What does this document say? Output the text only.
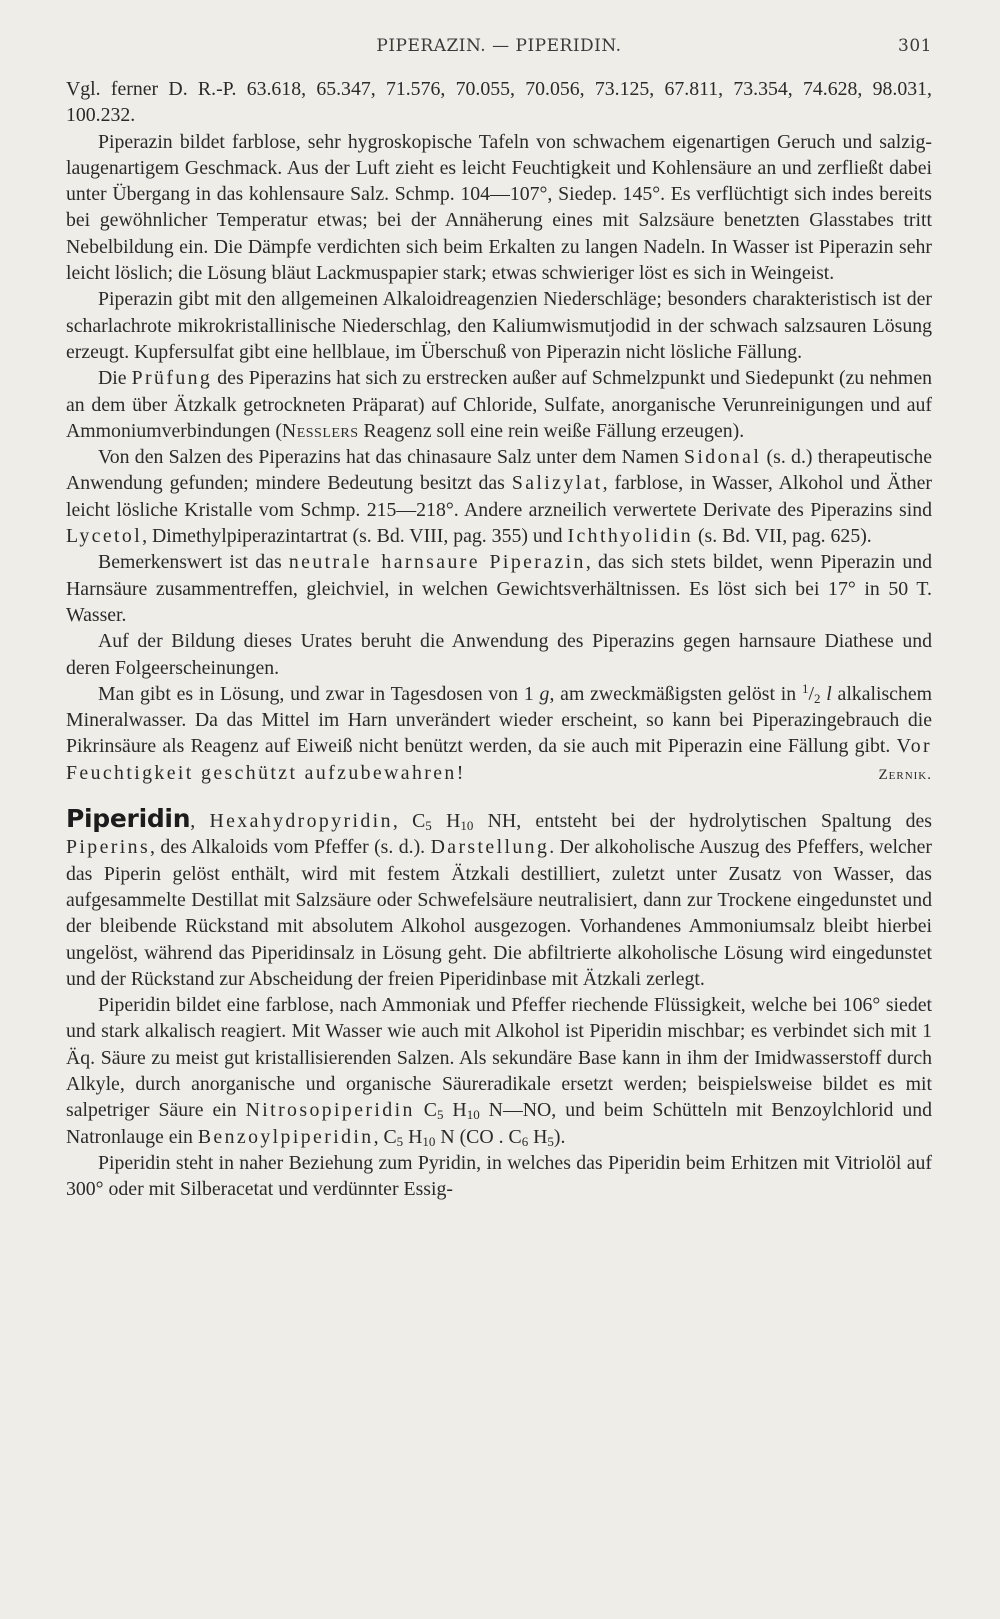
PIPERAZIN. — PIPERIDIN.	301

Vgl. ferner D. R.-P. 63.618, 65.347, 71.576, 70.055, 70.056, 73.125, 67.811, 73.354, 74.628, 98.031, 100.232.

Piperazin bildet farblose, sehr hygroskopische Tafeln von schwachem eigenartigen Geruch und salzig-laugenartigem Geschmack. Aus der Luft zieht es leicht Feuchtigkeit und Kohlensäure an und zerfließt dabei unter Übergang in das kohlensaure Salz. Schmp. 104—107°, Siedep. 145°. Es verflüchtigt sich indes bereits bei gewöhnlicher Temperatur etwas; bei der Annäherung eines mit Salzsäure benetzten Glasstabes tritt Nebelbildung ein. Die Dämpfe verdichten sich beim Erkalten zu langen Nadeln. In Wasser ist Piperazin sehr leicht löslich; die Lösung bläut Lackmuspapier stark; etwas schwieriger löst es sich in Weingeist.

Piperazin gibt mit den allgemeinen Alkaloidreagenzien Niederschläge; besonders charakteristisch ist der scharlachrote mikrokristallinische Niederschlag, den Kaliumwismutjodid in der schwach salzsauren Lösung erzeugt. Kupfersulfat gibt eine hellblaue, im Überschuß von Piperazin nicht lösliche Fällung.

Die Prüfung des Piperazins hat sich zu erstrecken außer auf Schmelzpunkt und Siedepunkt (zu nehmen an dem über Ätzkalk getrockneten Präparat) auf Chloride, Sulfate, anorganische Verunreinigungen und auf Ammoniumverbindungen (Nesslers Reagenz soll eine rein weiße Fällung erzeugen).

Von den Salzen des Piperazins hat das chinasaure Salz unter dem Namen Sidonal (s. d.) therapeutische Anwendung gefunden; mindere Bedeutung besitzt das Salizylat, farblose, in Wasser, Alkohol und Äther leicht lösliche Kristalle vom Schmp. 215—218°. Andere arzneilich verwertete Derivate des Piperazins sind Lycetol, Dimethylpiperazintartrat (s. Bd. VIII, pag. 355) und Ichthyolidin (s. Bd. VII, pag. 625).

Bemerkenswert ist das neutrale harnsaure Piperazin, das sich stets bildet, wenn Piperazin und Harnsäure zusammentreffen, gleichviel, in welchen Gewichtsverhältnissen. Es löst sich bei 17° in 50 T. Wasser.

Auf der Bildung dieses Urates beruht die Anwendung des Piperazins gegen harnsaure Diathese und deren Folgeerscheinungen.

Man gibt es in Lösung, und zwar in Tagesdosen von 1 g, am zweckmäßigsten gelöst in $^1/_2$ l alkalischem Mineralwasser. Da das Mittel im Harn unverändert wieder erscheint, so kann bei Piperazingebrauch die Pikrinsäure als Reagenz auf Eiweiß nicht benützt werden, da sie auch mit Piperazin eine Fällung gibt. Vor Feuchtigkeit geschützt aufzubewahren!	Zernik.

Piperidin, Hexahydropyridin, $C_5$ $H_{10}$ NH, entsteht bei der hydrolytischen Spaltung des Piperins, des Alkaloids vom Pfeffer (s. d.). Darstellung. Der alkoholische Auszug des Pfeffers, welcher das Piperin gelöst enthält, wird mit festem Ätzkali destilliert, zuletzt unter Zusatz von Wasser, das aufgesammelte Destillat mit Salzsäure oder Schwefelsäure neutralisiert, dann zur Trockene eingedunstet und der bleibende Rückstand mit absolutem Alkohol ausgezogen. Vorhandenes Ammoniumsalz bleibt hierbei ungelöst, während das Piperidinsalz in Lösung geht. Die abfiltrierte alkoholische Lösung wird eingedunstet und der Rückstand zur Abscheidung der freien Piperidinbase mit Ätzkali zerlegt.

Piperidin bildet eine farblose, nach Ammoniak und Pfeffer riechende Flüssigkeit, welche bei 106° siedet und stark alkalisch reagiert. Mit Wasser wie auch mit Alkohol ist Piperidin mischbar; es verbindet sich mit 1 Äq. Säure zu meist gut kristallisierenden Salzen. Als sekundäre Base kann in ihm der Imidwasserstoff durch Alkyle, durch anorganische und organische Säureradikale ersetzt werden; beispielsweise bildet es mit salpetriger Säure ein Nitrosopiperidin $C_5$ $H_{10}$ N—NO, und beim Schütteln mit Benzoylchlorid und Natronlauge ein Benzoylpiperidin, $C_5$ $H_{10}$ N (CO . $C_6$ $H_5$).

Piperidin steht in naher Beziehung zum Pyridin, in welches das Piperidin beim Erhitzen mit Vitriolöl auf 300° oder mit Silberacetat und verdünnter Essig-
